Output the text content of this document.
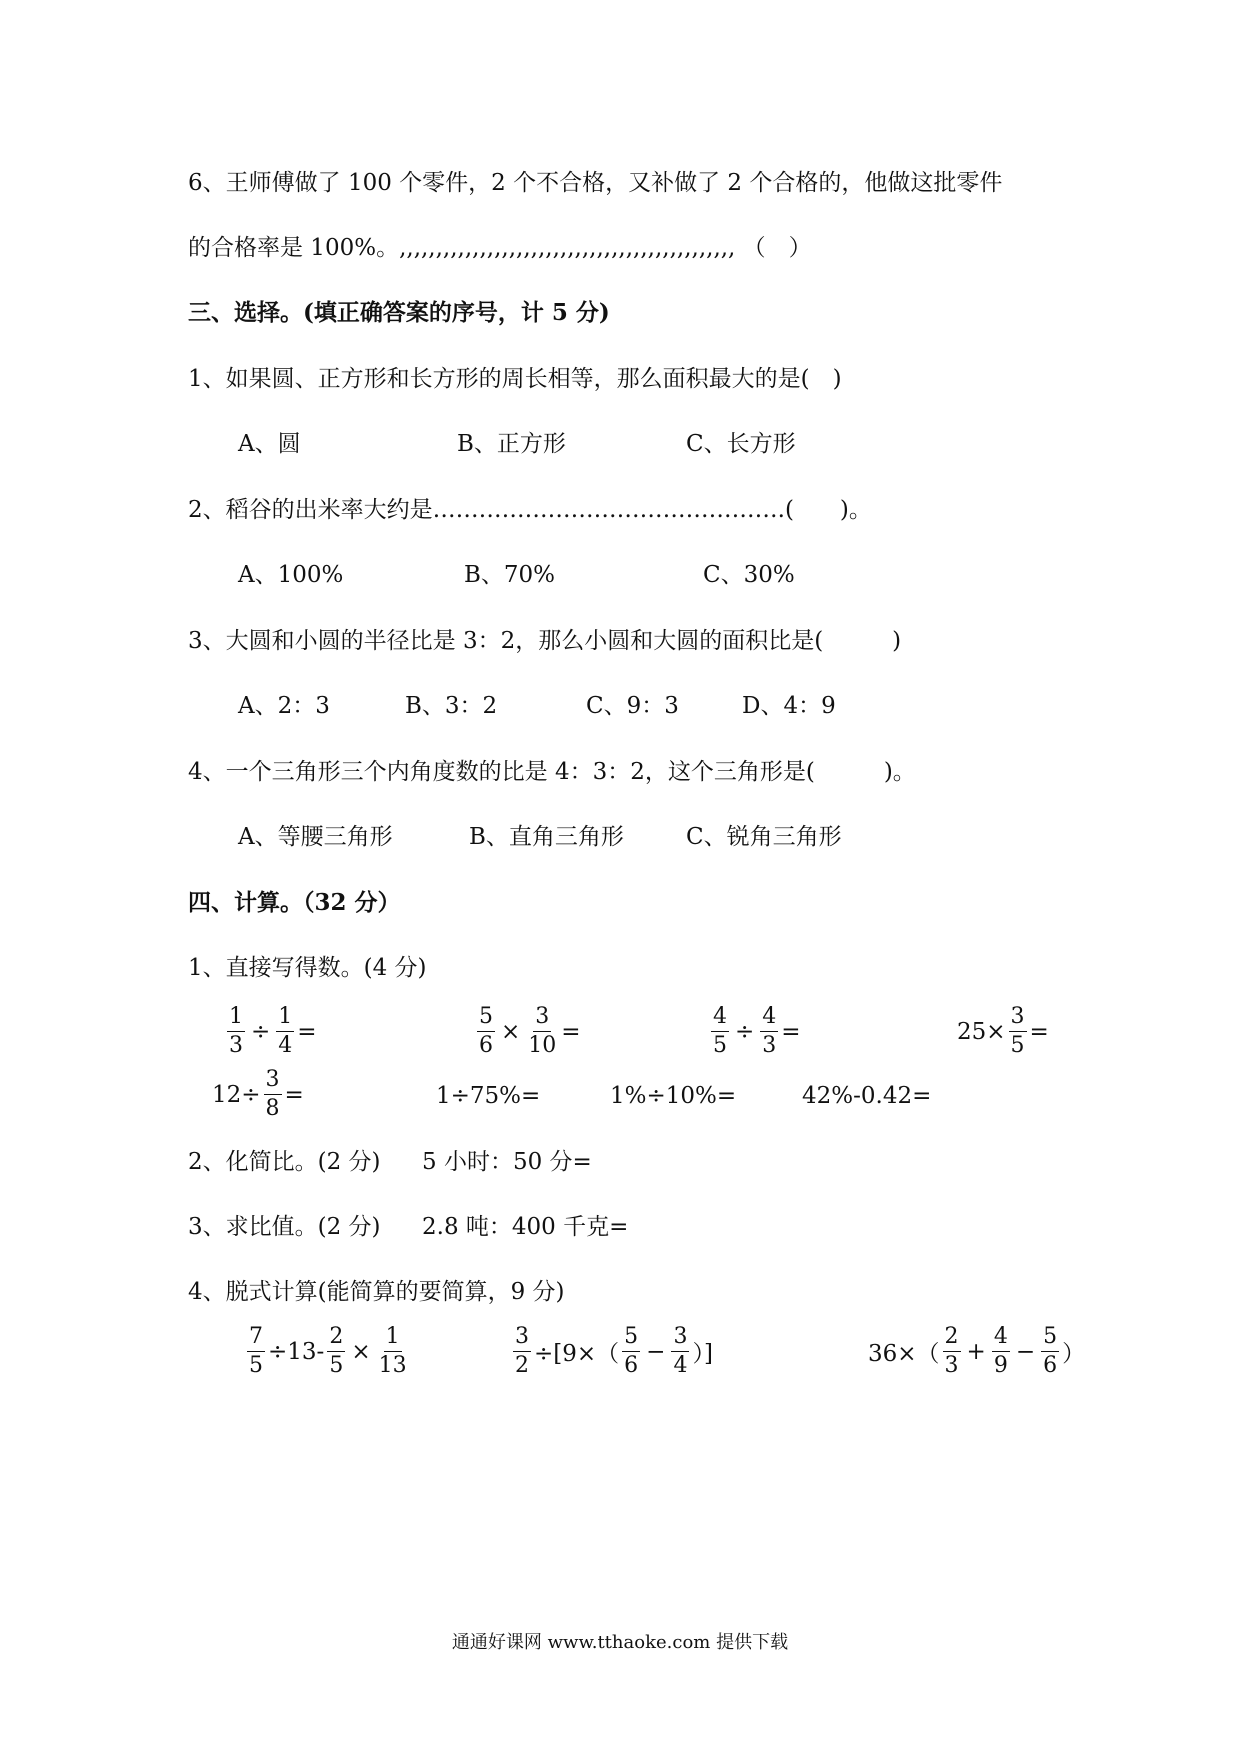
6、王师傅做了 100 个零件，2 个不合格，又补做了 2 个合格的，他做这批零件
的合格率是 100%。,,,,,,,,,,,,,,,,,,,,,,,,,,,,,,,,,,,,,,,,,,,,,, （　）
三、选择。(填正确答案的序号，计 5 分)
1、如果圆、正方形和长方形的周长相等，那么面积最大的是(　)
A、圆	B、正方形	C、长方形
2、稻谷的出米率大约是……………………………………….(　　)。
A、100%	B、70%	C、30%
3、大圆和小圆的半径比是 3：2，那么小圆和大圆的面积比是(　　　)
A、2：3	B、3：2	C、9：3	D、4：9
4、一个三角形三个内角度数的比是 4：3：2，这个三角形是(　　　)。
A、等腰三角形	B、直角三角形	C、锐角三角形
四、计算。（32 分）
1、直接写得数。(4 分)
$\frac{1}{3} \div \frac{1}{4}$ =	$\frac{5}{6} \times \frac{3}{10}$ =	$\frac{4}{5} \div \frac{4}{3}$ =	$25\times \frac{3}{5}$ =
$12\div \frac{3}{8}$ =	1÷75%=	1%÷10%=	42%-0.42=
2、化简比。(2 分) 5 小时：50 分=
3、求比值。(2 分) 2.8 吨：400 千克=
4、脱式计算(能简算的要简算，9 分)
$\frac{7}{5} \div 13- \frac{2}{5} \times \frac{1}{13}$	$\frac{3}{2} \div[9\times( \frac{5}{6} - \frac{3}{4}$ ）]	$36\times( \frac{2}{3} + \frac{4}{9} - \frac{5}{6}$ ）
通通好课网 www.tthaoke.com 提供下载
